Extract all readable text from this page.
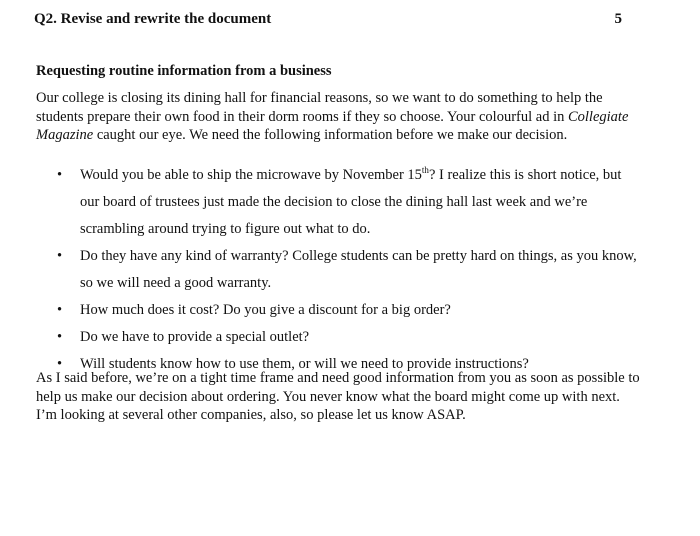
Q2. Revise and rewrite the document	5
Requesting routine information from a business
Our college is closing its dining hall for financial reasons, so we want to do something to help the students prepare their own food in their dorm rooms if they so choose. Your colourful ad in Collegiate Magazine caught our eye. We need the following information before we make our decision.
• Would you be able to ship the microwave by November 15th? I realize this is short notice, but our board of trustees just made the decision to close the dining hall last week and we’re scrambling around trying to figure out what to do.
• Do they have any kind of warranty? College students can be pretty hard on things, as you know, so we will need a good warranty.
• How much does it cost? Do you give a discount for a big order?
• Do we have to provide a special outlet?
• Will students know how to use them, or will we need to provide instructions?
As I said before, we’re on a tight time frame and need good information from you as soon as possible to help us make our decision about ordering. You never know what the board might come up with next. I’m looking at several other companies, also, so please let us know ASAP.
